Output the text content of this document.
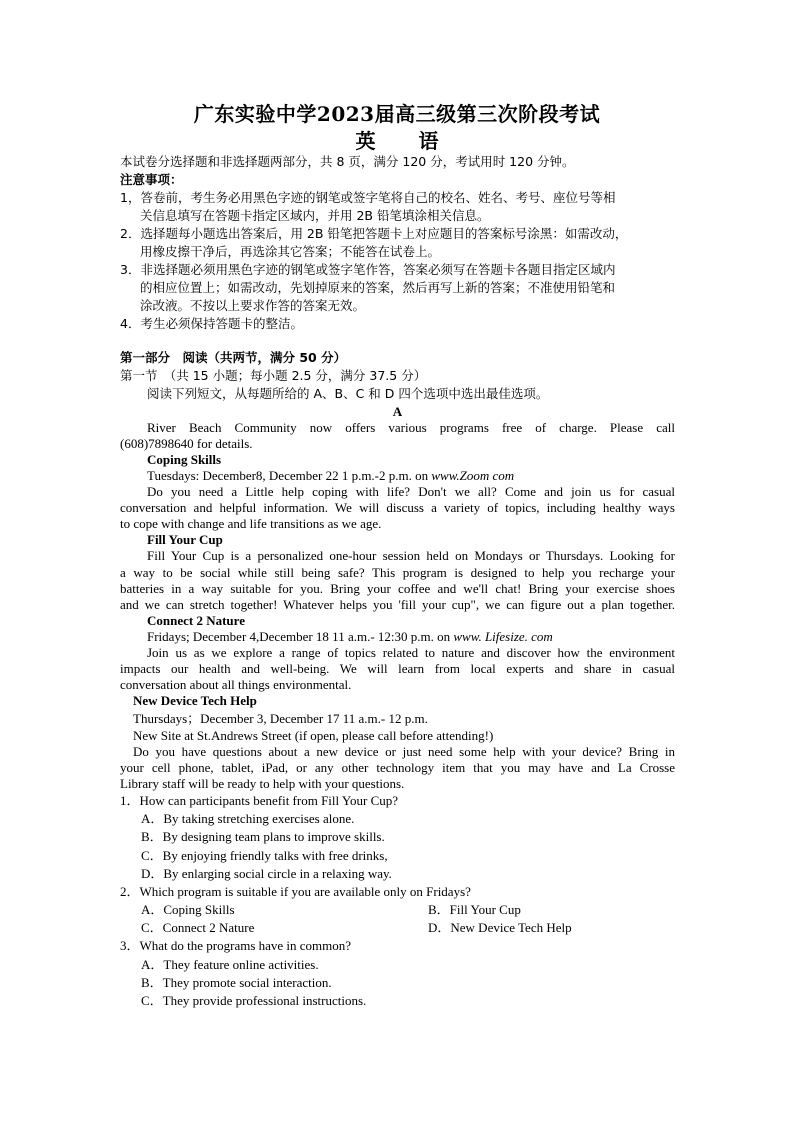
广东实验中学2023届高三级第三次阶段考试
英 语
本试卷分选择题和非选择题两部分，共 8 页，满分 120 分，考试用时 120 分钟。
注意事项：
1，答卷前，考生务必用黑色字迹的钢笔或签字笔将自己的校名、姓名、考号、座位号等相
关信息填写在答题卡指定区域内，并用 2B 铅笔填涂相关信息。
2．选择题每小题选出答案后，用 2B 铅笔把答题卡上对应题目的答案标号涂黑：如需改动，
用橡皮擦干净后，再选涂其它答案；不能答在试卷上。
3．非选择题必须用黑色字迹的钢笔或签字笔作答，答案必须写在答题卡各题目指定区域内
的相应位置上；如需改动，先划掉原来的答案，然后再写上新的答案；不准使用铅笔和
涂改液。不按以上要求作答的答案无效。
4．考生必须保持答题卡的整洁。
第一部分　阅读（共两节，满分 50 分）
第一节　（共 15 小题；每小题 2.5 分，满分 37.5 分）
阅读下列短文，从每题所给的 A、B、C 和 D 四个选项中选出最佳选项。
A
River Beach Community now offers various programs free of charge. Please call
(608)7898640 for details.
Coping Skills
Tuesdays: December8, December 22 1 p.m.-2 p.m. on www.Zoom com
Do you need a Little help coping with life? Don't we all? Come and join us for casual
conversation and helpful information. We will discuss a variety of topics, including healthy ways
to cope with change and life transitions as we age.
Fill Your Cup
Fill Your Cup is a personalized one-hour session held on Mondays or Thursdays. Looking for
a way to be social while still being safe? This program is designed to help you recharge your
batteries in a way suitable for you. Bring your coffee and we'll chat! Bring your exercise shoes
and we can stretch together! Whatever helps you 'fill your cup", we can figure out a plan together.
Connect 2 Nature
Fridays; December 4,December 18 11 a.m.- 12:30 p.m. on www. Lifesize. com
Join us as we explore a range of topics related to nature and discover how the environment
impacts our health and well-being. We will learn from local experts and share in casual
conversation about all things environmental.
New Device Tech Help
Thursdays；December 3, December 17 11 a.m.- 12 p.m.
New Site at St.Andrews Street (if open, please call before attending!)
Do you have questions about a new device or just need some help with your device? Bring in
your cell phone, tablet, iPad, or any other technology item that you may have and La Crosse
Library staff will be ready to help with your questions.
1．How can participants benefit from Fill Your Cup?
A．By taking stretching exercises alone.
B．By designing team plans to improve skills.
C．By enjoying friendly talks with free drinks,
D．By enlarging social circle in a relaxing way.
2．Which program is suitable if you are available only on Fridays?
A．Coping Skills	B．Fill Your Cup
C．Connect 2 Nature	D．New Device Tech Help
3．What do the programs have in common?
A．They feature online activities.
B．They promote social interaction.
C．They provide professional instructions.
